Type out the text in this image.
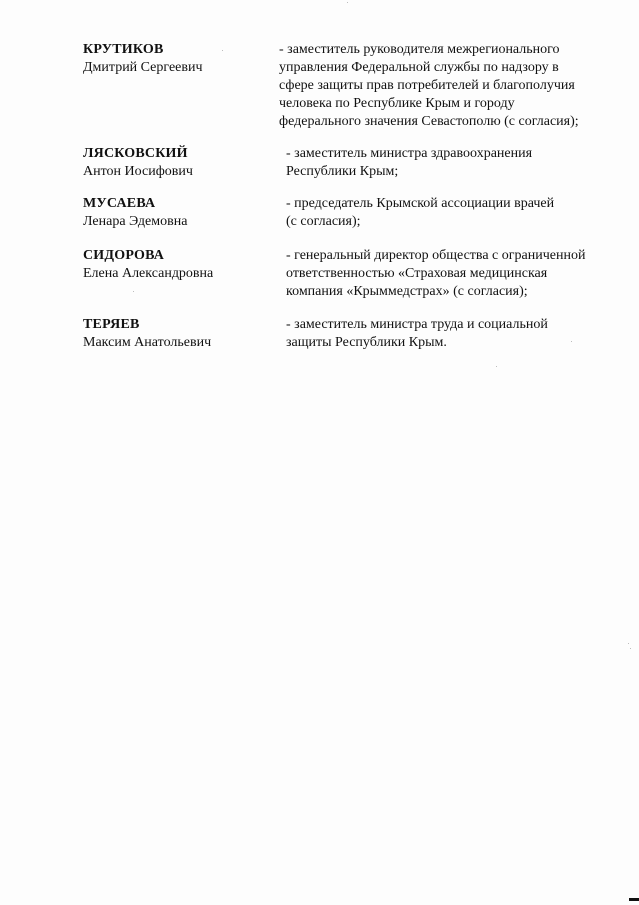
КРУТИКОВ
Дмитрий Сергеевич
- заместитель руководителя межрегионального
управления Федеральной службы по надзору в
сфере защиты прав потребителей и благополучия
человека по Республике Крым и городу
федерального значения Севастополю (с согласия);
ЛЯСКОВСКИЙ
Антон Иосифович
- заместитель министра здравоохранения
Республики Крым;
МУСАЕВА
Ленара Эдемовна
- председатель Крымской ассоциации врачей
(с согласия);
СИДОРОВА
Елена Александровна
- генеральный директор общества с ограниченной
ответственностью «Страховая медицинская
компания «Крыммедстрах» (с согласия);
ТЕРЯЕВ
Максим Анатольевич
- заместитель министра труда и социальной
защиты Республики Крым.
